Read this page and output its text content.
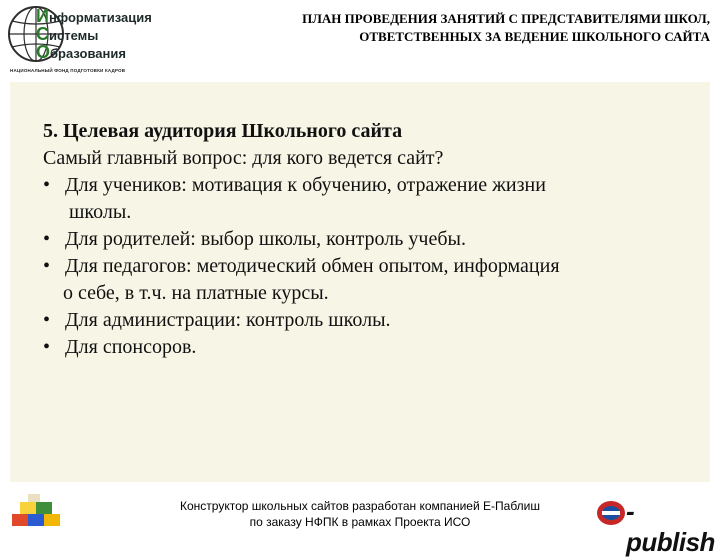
Информатизация
Системы
Образования
НАЦИОНАЛЬНЫЙ ФОНД ПОДГОТОВКИ КАДРОВ
ПЛАН ПРОВЕДЕНИЯ ЗАНЯТИЙ С ПРЕДСТАВИТЕЛЯМИ ШКОЛ,
ОТВЕТСТВЕННЫХ ЗА ВЕДЕНИЕ ШКОЛЬНОГО САЙТА
5. Целевая аудитория Школьного сайта
Самый главный вопрос: для кого ведется сайт?
• Для учеников: мотивация к обучению, отражение жизни
школы.
• Для родителей: выбор школы, контроль учебы.
• Для педагогов: методический обмен опытом, информация
о себе, в т.ч. на платные курсы.
• Для администрации: контроль школы.
• Для спонсоров.
Конструктор школьных сайтов разработан компанией Е-Паблиш
по заказу НФПК в рамках Проекта ИСО	-publish
